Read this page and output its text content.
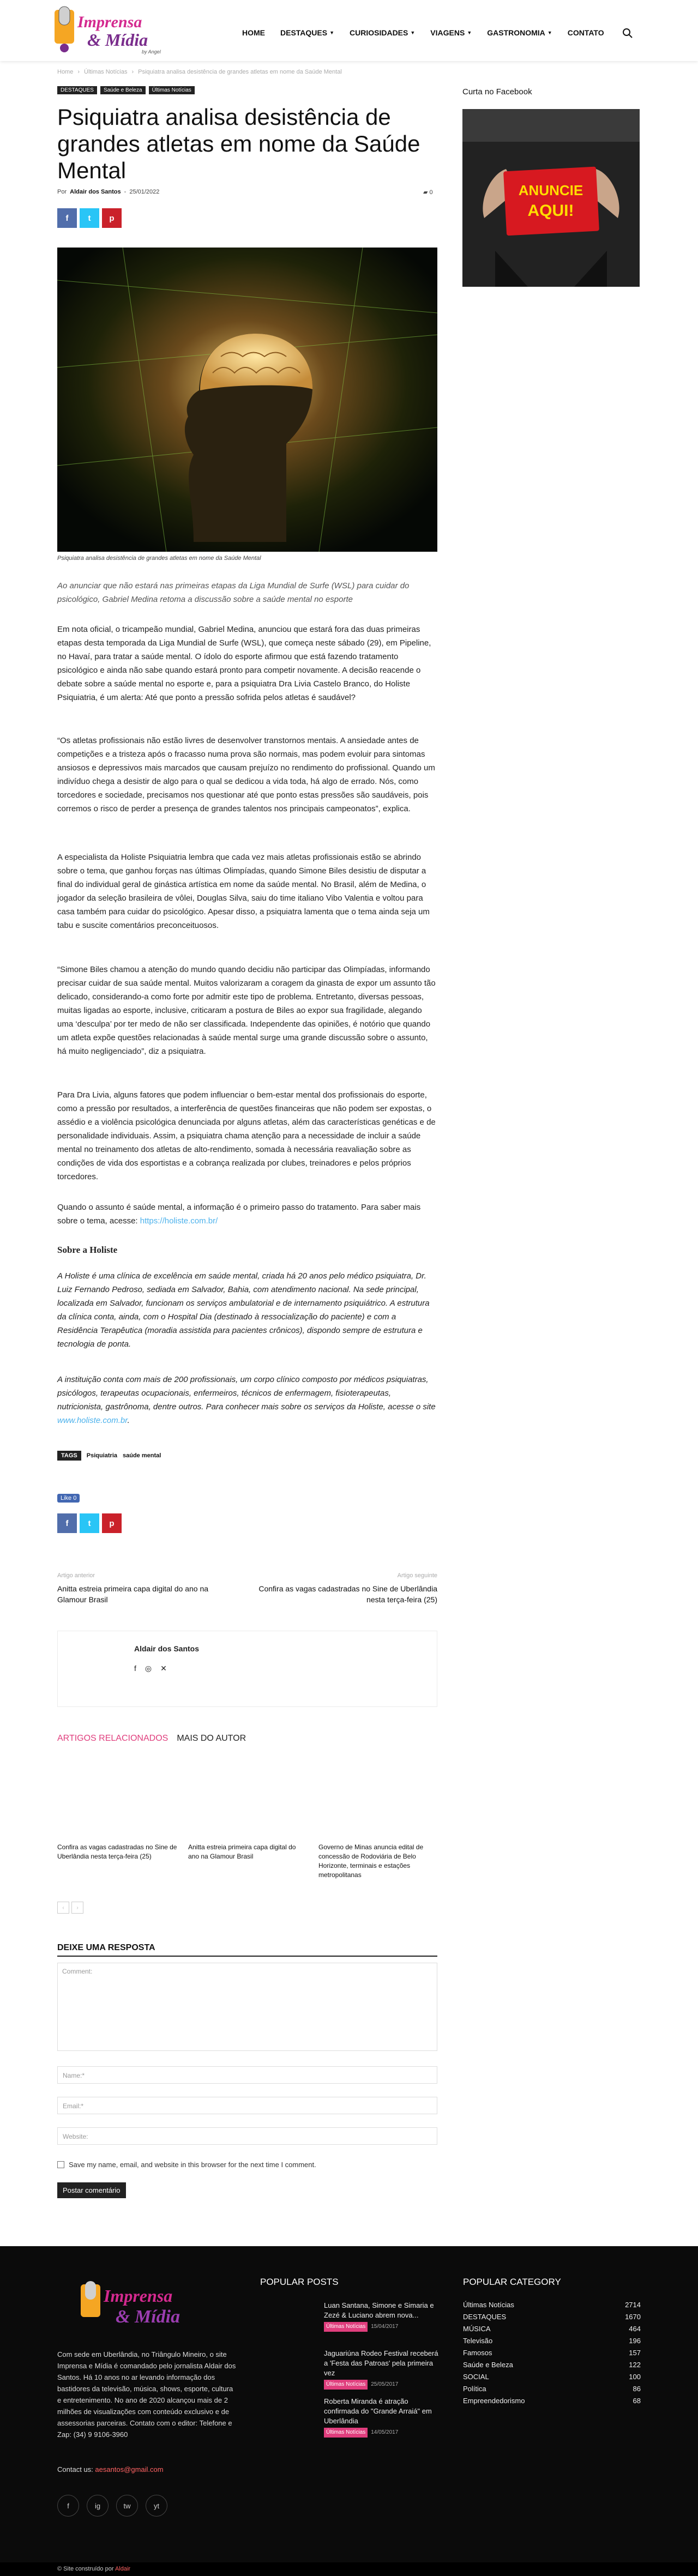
Imprensa
& Mídia
by Angel
HOME DESTAQUES ▼ CURIOSIDADES ▼ VIAGENS ▼ GASTRONOMIA ▼ CONTATO
Home › Últimas Notícias › Psiquiatra analisa desistência de grandes atletas em nome da Saúde Mental
DESTAQUES	Saúde e Beleza	Últimas Notícias
Psiquiatra analisa desistência de grandes atletas em nome da Saúde Mental
Por Aldair dos Santos - 25/01/2022	▰ 0
f	t	p
Psiquiatra analisa desistência de grandes atletas em nome da Saúde Mental

Ao anunciar que não estará nas primeiras etapas da Liga Mundial de Surfe (WSL) para cuidar do psicológico, Gabriel Medina retoma a discussão sobre a saúde mental no esporte

Em nota oficial, o tricampeão mundial, Gabriel Medina, anunciou que estará fora das duas primeiras etapas desta temporada da Liga Mundial de Surfe (WSL), que começa neste sábado (29), em Pipeline, no Havaí, para tratar a saúde mental. O ídolo do esporte afirmou que está fazendo tratamento psicológico e ainda não sabe quando estará pronto para competir novamente. A decisão reacende o debate sobre a saúde mental no esporte e, para a psiquiatra Dra Livia Castelo Branco, do Holiste Psiquiatria, é um alerta: Até que ponto a pressão sofrida pelos atletas é saudável?

“Os atletas profissionais não estão livres de desenvolver transtornos mentais. A ansiedade antes de competições e a tristeza após o fracasso numa prova são normais, mas podem evoluir para sintomas ansiosos e depressivos mais marcados que causam prejuízo no rendimento do profissional. Quando um indivíduo chega a desistir de algo para o qual se dedicou a vida toda, há algo de errado. Nós, como torcedores e sociedade, precisamos nos questionar até que ponto estas pressões são saudáveis, pois corremos o risco de perder a presença de grandes talentos nos principais campeonatos”, explica.

A especialista da Holiste Psiquiatria lembra que cada vez mais atletas profissionais estão se abrindo sobre o tema, que ganhou forças nas últimas Olimpíadas, quando Simone Biles desistiu de disputar a final do individual geral de ginástica artística em nome da saúde mental. No Brasil, além de Medina, o jogador da seleção brasileira de vôlei, Douglas Silva, saiu do time italiano Vibo Valentia e voltou para casa também para cuidar do psicológico. Apesar disso, a psiquiatra lamenta que o tema ainda seja um tabu e suscite comentários preconceituosos.

“Simone Biles chamou a atenção do mundo quando decidiu não participar das Olimpíadas, informando precisar cuidar de sua saúde mental. Muitos valorizaram a coragem da ginasta de expor um assunto tão delicado, considerando-a como forte por admitir este tipo de problema. Entretanto, diversas pessoas, muitas ligadas ao esporte, inclusive, criticaram a postura de Biles ao expor sua fragilidade, alegando uma ‘desculpa’ por ter medo de não ser classificada. Independente das opiniões, é notório que quando um atleta expõe questões relacionadas à saúde mental surge uma grande discussão sobre o assunto, há muito negligenciado”, diz a psiquiatra.

Para Dra Livia, alguns fatores que podem influenciar o bem-estar mental dos profissionais do esporte, como a pressão por resultados, a interferência de questões financeiras que não podem ser expostas, o assédio e a violência psicológica denunciada por alguns atletas, além das características genéticas e de personalidade individuais. Assim, a psiquiatra chama atenção para a necessidade de incluir a saúde mental no treinamento dos atletas de alto-rendimento, somada à necessária reavaliação sobre as condições de vida dos esportistas e a cobrança realizada por clubes, treinadores e pelos próprios torcedores.

Quando o assunto é saúde mental, a informação é o primeiro passo do tratamento. Para saber mais sobre o tema, acesse: https://holiste.com.br/

Sobre a Holiste

A Holiste é uma clínica de excelência em saúde mental, criada há 20 anos pelo médico psiquiatra, Dr. Luiz Fernando Pedroso, sediada em Salvador, Bahia, com atendimento nacional. Na sede principal, localizada em Salvador, funcionam os serviços ambulatorial e de internamento psiquiátrico. A estrutura da clínica conta, ainda, com o Hospital Dia (destinado à ressocialização do paciente) e com a Residência Terapêutica (moradia assistida para pacientes crônicos), dispondo sempre de estrutura e tecnologia de ponta.

A instituição conta com mais de 200 profissionais, um corpo clínico composto por médicos psiquiatras, psicólogos, terapeutas ocupacionais, enfermeiros, técnicos de enfermagem, fisioterapeutas, nutricionista, gastrônoma, dentre outros. Para conhecer mais sobre os serviços da Holiste, acesse o site www.holiste.com.br.

Curta no Facebook
ANUNCIE
AQUI!
TAGS	Psiquiatria saúde mental
Like 0
f	t	p
Artigo anterior
Anitta estreia primeira capa digital do ano na Glamour Brasil
Artigo seguinte
Confira as vagas cadastradas no Sine de Uberlândia nesta terça-feira (25)
Aldair dos Santos
f ◎ ✕
ARTIGOS RELACIONADOS MAIS DO AUTOR
Confira as vagas cadastradas no Sine de Uberlândia nesta terça-feira (25)
Anitta estreia primeira capa digital do ano na Glamour Brasil
Governo de Minas anuncia edital de concessão de Rodoviária de Belo Horizonte, terminais e estações metropolitanas
‹	›
DEIXE UMA RESPOSTA
Comment:
Name:*
Email:*
Website:
Save my name, email, and website in this browser for the next time I comment.
Postar comentário
Imprensa
& Mídia
Com sede em Uberlândia, no Triângulo Mineiro, o site Imprensa e Mídia é comandado pelo jornalista Aldair dos Santos. Há 10 anos no ar levando informação dos bastidores da televisão, música, shows, esporte, cultura e entretenimento. No ano de 2020 alcançou mais de 2 milhões de visualizações com conteúdo exclusivo e de assessorias parceiras. Contato com o editor: Telefone e Zap: (34) 9 9106-3960
Contact us: aesantos@gmail.com
f	ig	tw	yt
POPULAR POSTS
Luan Santana, Simone e Simaria e Zezé & Luciano abrem nova...
Últimas Notícias 15/04/2017
Jaguariúna Rodeo Festival receberá a 'Festa das Patroas' pela primeira vez
Últimas Notícias 25/05/2017
Roberta Miranda é atração confirmada do "Grande Arraiá" em Uberlândia
Últimas Notícias 14/05/2017
POPULAR CATEGORY
Últimas Notícias	2714
DESTAQUES	1670
MÚSICA	464
Televisão	196
Famosos	157
Saúde e Beleza	122
SOCIAL	100
Política	86
Empreendedorismo	68
© Site construído por Aldair
